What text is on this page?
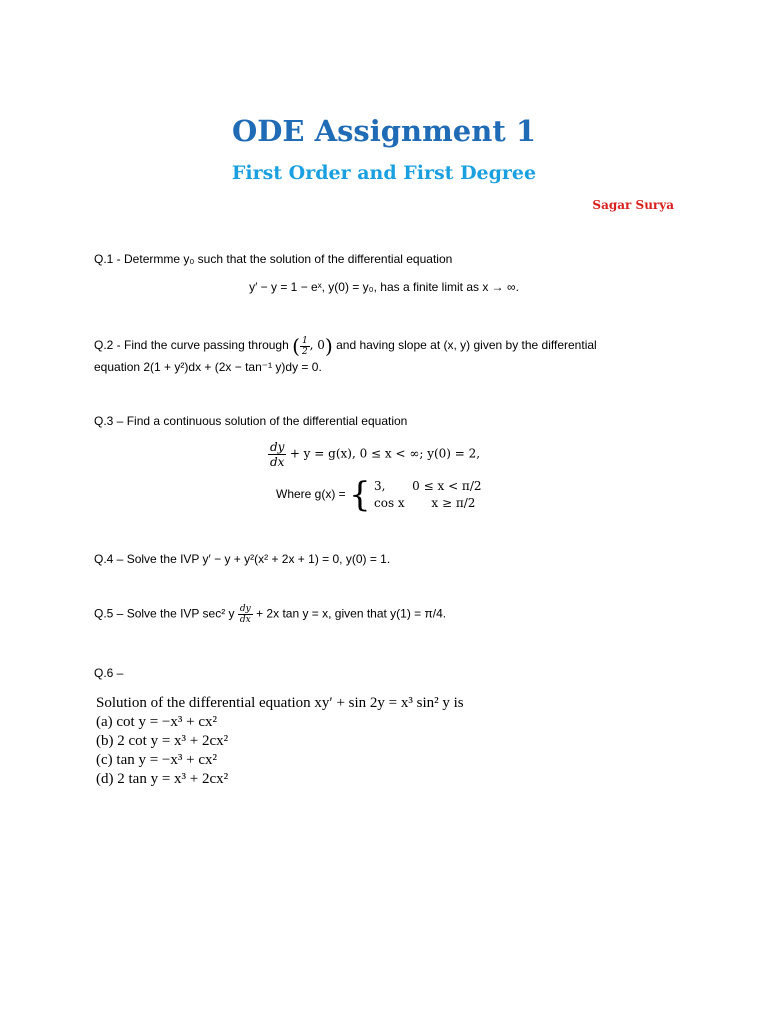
ODE Assignment 1
First Order and First Degree
Sagar Surya
Q.1 - Determme y₀ such that the solution of the differential equation
y′ − y = 1 − eˣ, y(0) = y₀, has a finite limit as x → ∞.
Q.2 - Find the curve passing through ( $\frac{1}{2}$ , 0) and having slope at (x, y) given by the differential
equation 2(1 + y²)dx + (2x − tan⁻¹ y)dy = 0.
Q.3 – Find a continuous solution of the differential equation
$\frac{dy}{dx} + y = g(x)$, 0 ≤ x < ∞; y(0) = 2,
Where g(x) = { 3,       0 ≤ x < π/2
cos x       x ≥ π/2
Q.4 – Solve the IVP y′ − y + y²(x² + 2x + 1) = 0, y(0) = 1.
Q.5 – Solve the IVP sec² y $\frac{dy}{dx} + 2x$ tan y = x, given that y(1) = π/4.
Q.6 –
Solution of the differential equation xy′ + sin 2y = x³ sin² y is
(a) cot y = −x³ + cx²
(b) 2 cot y = x³ + 2cx²
(c) tan y = −x³ + cx²
(d) 2 tan y = x³ + 2cx²
